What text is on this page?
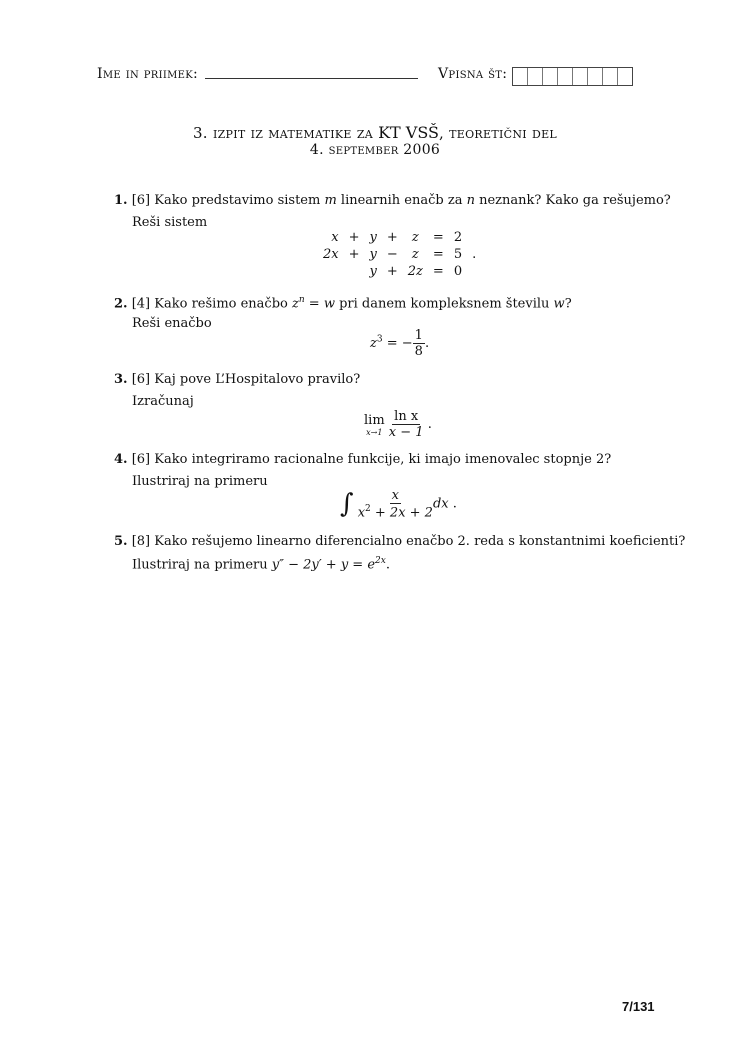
Ime in priimek:	Vpisna št:
3. izpit iz matematike za KT VSŠ, teoretični del
4. september 2006
1. [6] Kako predstavimo sistem m linearnih enačb za n neznank? Kako ga rešujemo?
Reši sistem
x	+	y	+	z	=	2	
2x	+	y	−	z	=	5	.
		y	+	2z	=	0	
2. [4] Kako rešimo enačbo $z^n = w$ pri danem kompleksnem številu w?
Reši enačbo
$z^3$ = − $\frac{1}{8}$ .
3. [6] Kaj pove L’Hospitalovo pravilo?
Izračunaj
lim
x→1
$\frac{\text{ln x}}{x - 1}$ .
4. [6] Kako integriramo racionalne funkcije, ki imajo imenovalec stopnje 2?
Ilustriraj na primeru
∫ $\frac{x}{x^2 + 2x + 2}$ dx .
5. [8] Kako rešujemo linearno diferencialno enačbo 2. reda s konstantnimi koeficienti?
Ilustriraj na primeru $y'' - 2y' + y = e^{2x}$.
7/131
